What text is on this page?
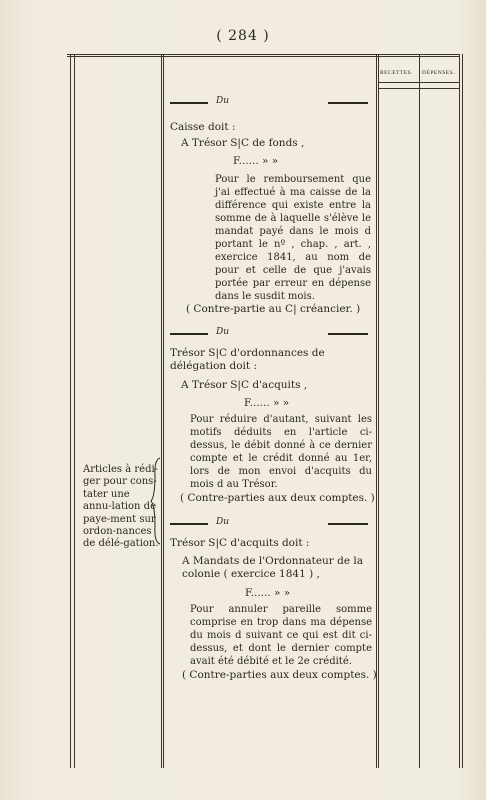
( 284 )
RECETTES. DÉPENSES.
Articles à rédi-ger pour cons-tater une annu-lation de paye-ment sur ordon-nances de délé-gation.
Du
Caisse doit :
A Trésor S|C de fonds ,
F...... » »
Pour le remboursement que j'ai effectué à ma caisse de la différence qui existe entre la somme de à laquelle s'élève le mandat payé dans le mois d portant le nº , chap. , art. , exercice 1841, au nom de pour et celle de que j'avais portée par erreur en dépense dans le susdit mois.
( Contre-partie au C| créancier. )
Du
Trésor S|C d'ordonnances de délégation doit :
A Trésor S|C d'acquits ,
F...... » »
Pour réduire d'autant, suivant les motifs déduits en l'article ci-dessus, le débit donné à ce dernier compte et le crédit donné au 1er, lors de mon envoi d'acquits du mois d au Trésor.
( Contre-parties aux deux comptes. )
Du
Trésor S|C d'acquits doit :
A Mandats de l'Ordonnateur de la colonie ( exercice 1841 ) ,
F...... » »
Pour annuler pareille somme comprise en trop dans ma dépense du mois d suivant ce qui est dit ci-dessus, et dont le dernier compte avait été débité et le 2e crédité.
( Contre-parties aux deux comptes. )
